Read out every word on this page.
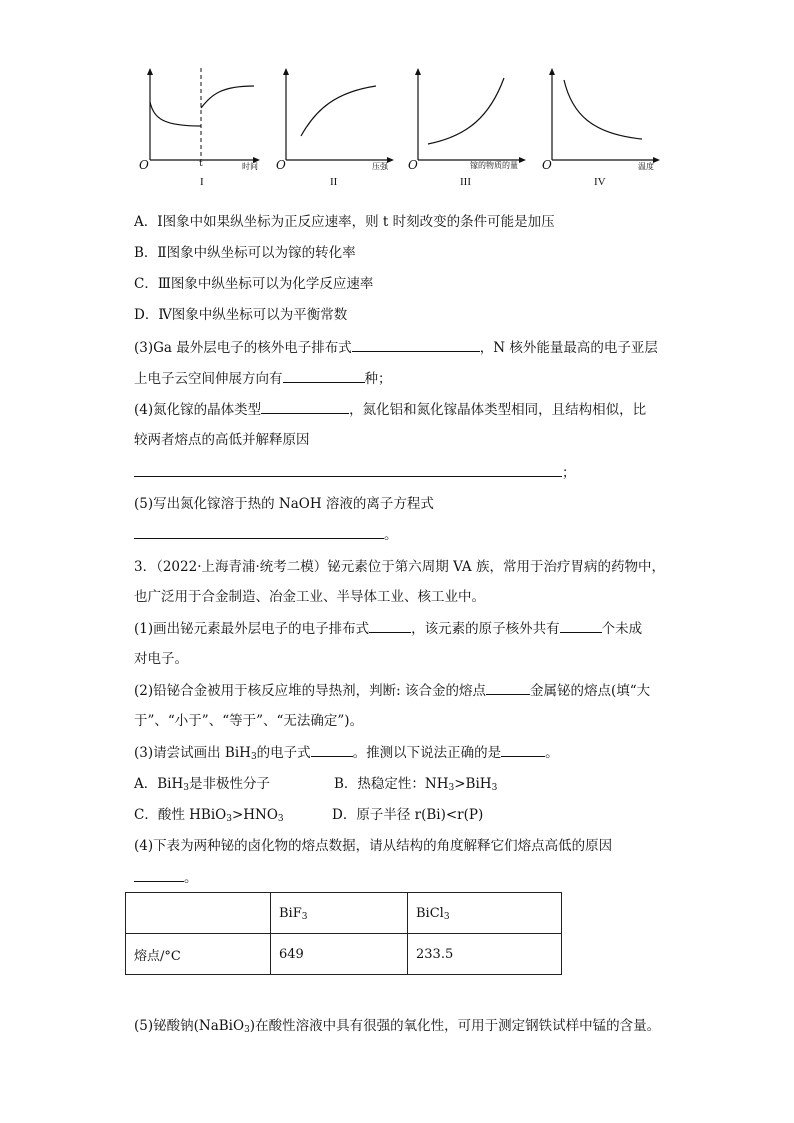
O	t	时间
I
O	压强
II
O	镓的物质的量
III
O	温度
IV
A．Ⅰ图象中如果纵坐标为正反应速率，则 t 时刻改变的条件可能是加压
B．Ⅱ图象中纵坐标可以为镓的转化率
C．Ⅲ图象中纵坐标可以为化学反应速率
D．Ⅳ图象中纵坐标可以为平衡常数
(3)Ga 最外层电子的核外电子排布式	，N 核外能量最高的电子亚层
上电子云空间伸展方向有	种；
(4)氮化镓的晶体类型	，氮化铝和氮化镓晶体类型相同，且结构相似，比
较两者熔点的高低并解释原因
；
(5)写出氮化镓溶于热的 NaOH 溶液的离子方程式
。
3．（2022·上海青浦·统考二模）铋元素位于第六周期 VA 族，常用于治疗胃病的药物中，
也广泛用于合金制造、冶金工业、半导体工业、核工业中。
(1)画出铋元素最外层电子的电子排布式	，该元素的原子核外共有	个未成
对电子。
(2)铅铋合金被用于核反应堆的导热剂，判断: 该合金的熔点	金属铋的熔点(填“大
于”、“小于”、“等于”、“无法确定”)。
(3)请尝试画出 BiH$_3$的电子式	。推测以下说法正确的是	。
A．BiH$_3$是非极性分子	B．热稳定性：$NH_3>BiH_3$
C．酸性 $HBiO_3>HNO_3$	D．原子半径 r(Bi)<r(P)
(4)下表为两种铋的卤化物的熔点数据，请从结构的角度解释它们熔点高低的原因
。
	BiF$_3$	BiCl$_3$
熔点/°C	649	233.5
(5)铋酸钠(NaBiO$_3$)在酸性溶液中具有很强的氧化性，可用于测定钢铁试样中锰的含量。
